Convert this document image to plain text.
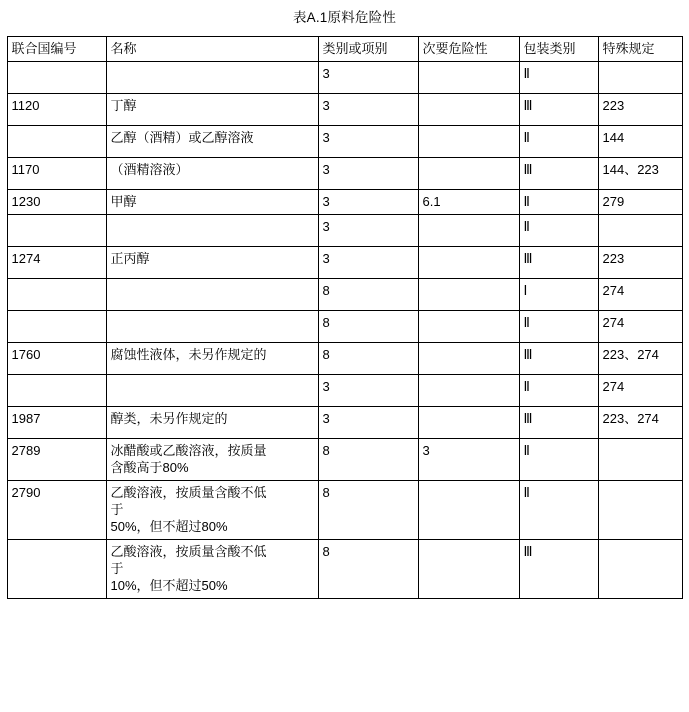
表A.1原料危险性
联合国编号	名称	类别或项别	次要危险性	包装类别	特殊规定
		3		Ⅱ	
1120	丁醇	3		Ⅲ	223
	乙醇（酒精）或乙醇溶液	3		Ⅱ	144
1170	（酒精溶液）	3		Ⅲ	144、223
1230	甲醇	3	6.1	Ⅱ	279
		3		Ⅱ	
1274	正丙醇	3		Ⅲ	223
		8		Ⅰ	274
		8		Ⅱ	274
1760	腐蚀性液体，未另作规定的	8		Ⅲ	223、274
		3		Ⅱ	274
1987	醇类，未另作规定的	3		Ⅲ	223、274
2789	冰醋酸或乙酸溶液，按质量
含酸高于80%	8	3	Ⅱ	
2790	乙酸溶液，按质量含酸不低
于
50%，但不超过80%	8		Ⅱ	

	乙酸溶液，按质量含酸不低
于
10%，但不超过50%	8		Ⅲ	
